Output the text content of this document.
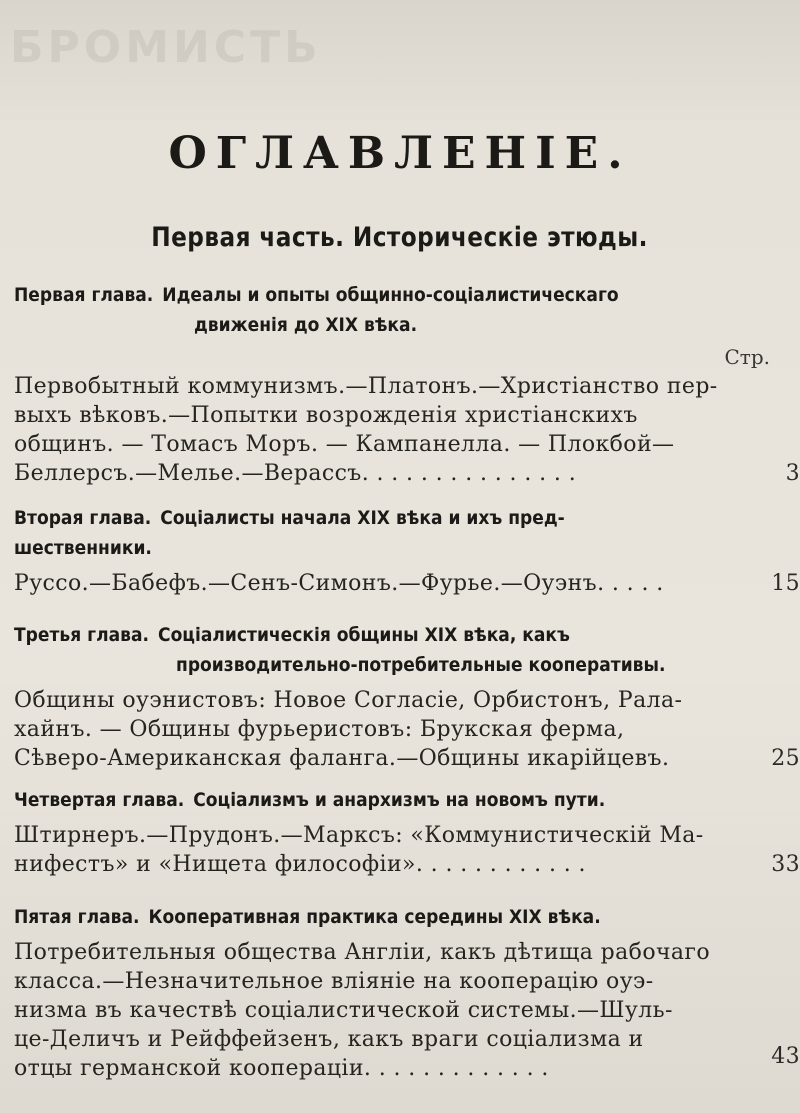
БРОМИСТЬ
ОГЛАВЛЕНІЕ.
Первая часть. Историческіе этюды.
Стр.
Первая глава. Идеалы и опыты общинно-соціалистическаго
движенія до XIX вѣка.
Первобытный коммунизмъ.—Платонъ.—Христіанство пер-
выхъ вѣковъ.—Попытки возрожденія христіанскихъ
общинъ. — Томасъ Моръ. — Кампанелла. — Плокбой—
Беллерсъ.—Мелье.—Верассъ. . . . . . . . . . . . . . .	3
Вторая глава. Соціалисты начала XIX вѣка и ихъ пред-
шественники.
Руссо.—Бабефъ.—Сенъ-Симонъ.—Фурье.—Оуэнъ. . . . .	15
Третья глава. Соціалистическія общины XIX вѣка, какъ
производительно-потребительные кооперативы.
Общины оуэнистовъ: Новое Согласіе, Орбистонъ, Рала-
хайнъ. — Общины фурьеристовъ: Брукская ферма,
Сѣверо-Американская фаланга.—Общины икарійцевъ.	25
Четвертая глава. Соціализмъ и анархизмъ на новомъ пути.
Штирнеръ.—Прудонъ.—Марксъ: «Коммунистическій Ма-
нифестъ» и «Нищета философіи». . . . . . . . . . . .	33
Пятая глава. Кооперативная практика середины XIX вѣка.
Потребительныя общества Англіи, какъ дѣтища рабочаго
класса.—Незначительное вліяніе на кооперацію оуэ-
низма въ качествѣ соціалистической системы.—Шуль-
це-Деличъ и Рейффейзенъ, какъ враги соціализма и
отцы германской коопераціи. . . . . . . . . . . . .	43
